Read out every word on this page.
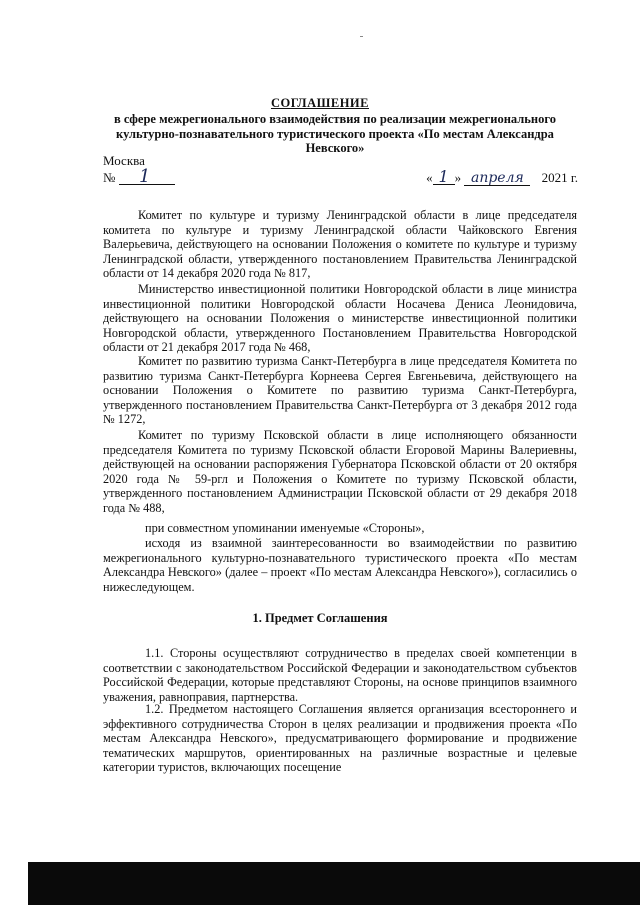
СОГЛАШЕНИЕ
в сфере межрегионального взаимодействия по реализации межрегионального культурно-познавательного туристического проекта «По местам Александра Невского»
Москва
№ 1	« 1 » апреля 2021 г.

Комитет по культуре и туризму Ленинградской области в лице председателя комитета по культуре и туризму Ленинградской области Чайковского Евгения Валерьевича, действующего на основании Положения о комитете по культуре и туризму Ленинградской области, утвержденного постановлением Правительства Ленинградской области от 14 декабря 2020 года № 817,

Министерство инвестиционной политики Новгородской области в лице министра инвестиционной политики Новгородской области Носачева Дениса Леонидовича, действующего на основании Положения о министерстве инвестиционной политики Новгородской области, утвержденного Постановлением Правительства Новгородской области от 21 декабря 2017 года № 468,

Комитет по развитию туризма Санкт-Петербурга в лице председателя Комитета по развитию туризма Санкт-Петербурга Корнеева Сергея Евгеньевича, действующего на основании Положения о Комитете по развитию туризма Санкт-Петербурга, утвержденного постановлением Правительства Санкт-Петербурга от 3 декабря 2012 года № 1272,

Комитет по туризму Псковской области в лице исполняющего обязанности председателя Комитета по туризму Псковской области Егоровой Марины Валериевны, действующей на основании распоряжения Губернатора Псковской области от 20 октября 2020 года № 59-ргл и Положения о Комитете по туризму Псковской области, утвержденного постановлением Администрации Псковской области от 29 декабря 2018 года № 488,

при совместном упоминании именуемые «Стороны»,

исходя из взаимной заинтересованности во взаимодействии по развитию межрегионального культурно-познавательного туристического проекта «По местам Александра Невского» (далее – проект «По местам Александра Невского»), согласились о нижеследующем.

1. Предмет Соглашения

1.1. Стороны осуществляют сотрудничество в пределах своей компетенции в соответствии с законодательством Российской Федерации и законодательством субъектов Российской Федерации, которые представляют Стороны, на основе принципов взаимного уважения, равноправия, партнерства.

1.2. Предметом настоящего Соглашения является организация всестороннего и эффективного сотрудничества Сторон в целях реализации и продвижения проекта «По местам Александра Невского», предусматривающего формирование и продвижение тематических маршрутов, ориентированных на различные возрастные и целевые категории туристов, включающих посещение
